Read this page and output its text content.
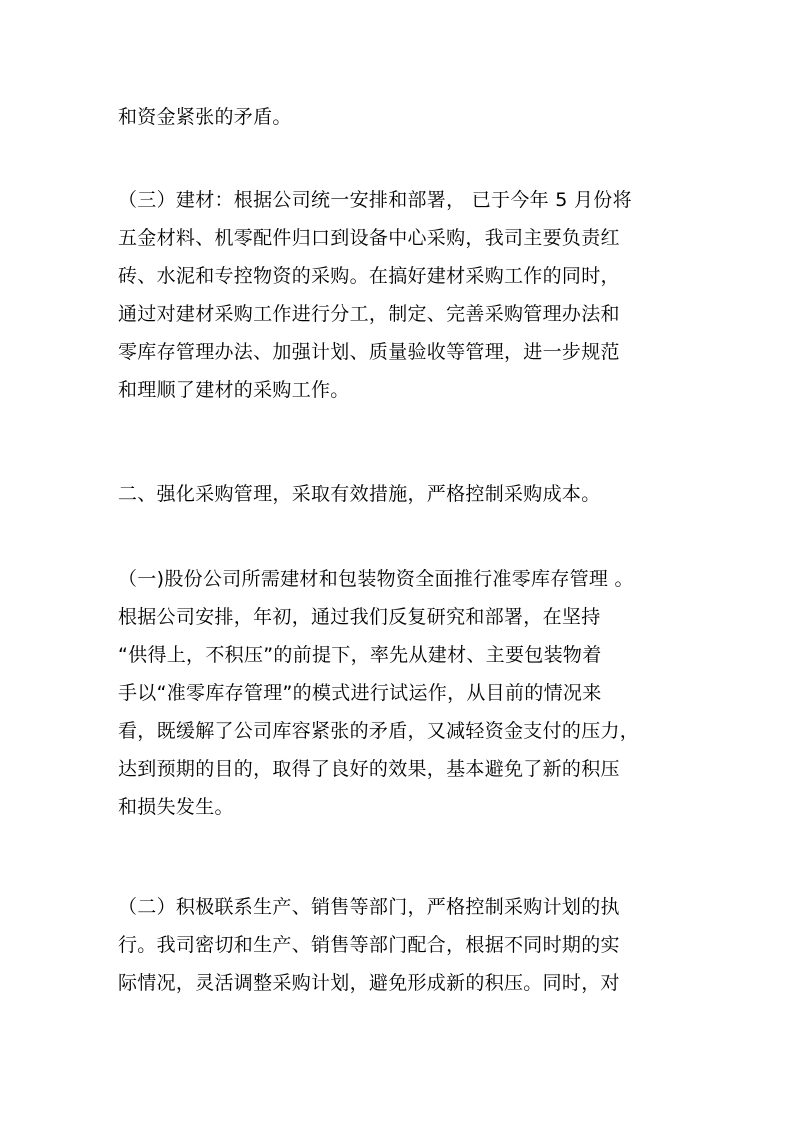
和资金紧张的矛盾。
（三）建材：根据公司统一安排和部署， 已于今年 5 月份将
五金材料、机零配件归口到设备中心采购，我司主要负责红
砖、水泥和专控物资的采购。在搞好建材采购工作的同时，
通过对建材采购工作进行分工，制定、完善采购管理办法和
零库存管理办法、加强计划、质量验收等管理，进一步规范
和理顺了建材的采购工作。
二、强化采购管理，采取有效措施，严格控制采购成本。
（一)股份公司所需建材和包装物资全面推行准零库存管理 。
根据公司安排，年初，通过我们反复研究和部署，在坚持
“供得上，不积压”的前提下，率先从建材、主要包装物着
手以“准零库存管理”的模式进行试运作，从目前的情况来
看，既缓解了公司库容紧张的矛盾，又减轻资金支付的压力，
达到预期的目的，取得了良好的效果，基本避免了新的积压
和损失发生。
（二）积极联系生产、销售等部门，严格控制采购计划的执
行。我司密切和生产、销售等部门配合，根据不同时期的实
际情况，灵活调整采购计划，避免形成新的积压。同时，对
